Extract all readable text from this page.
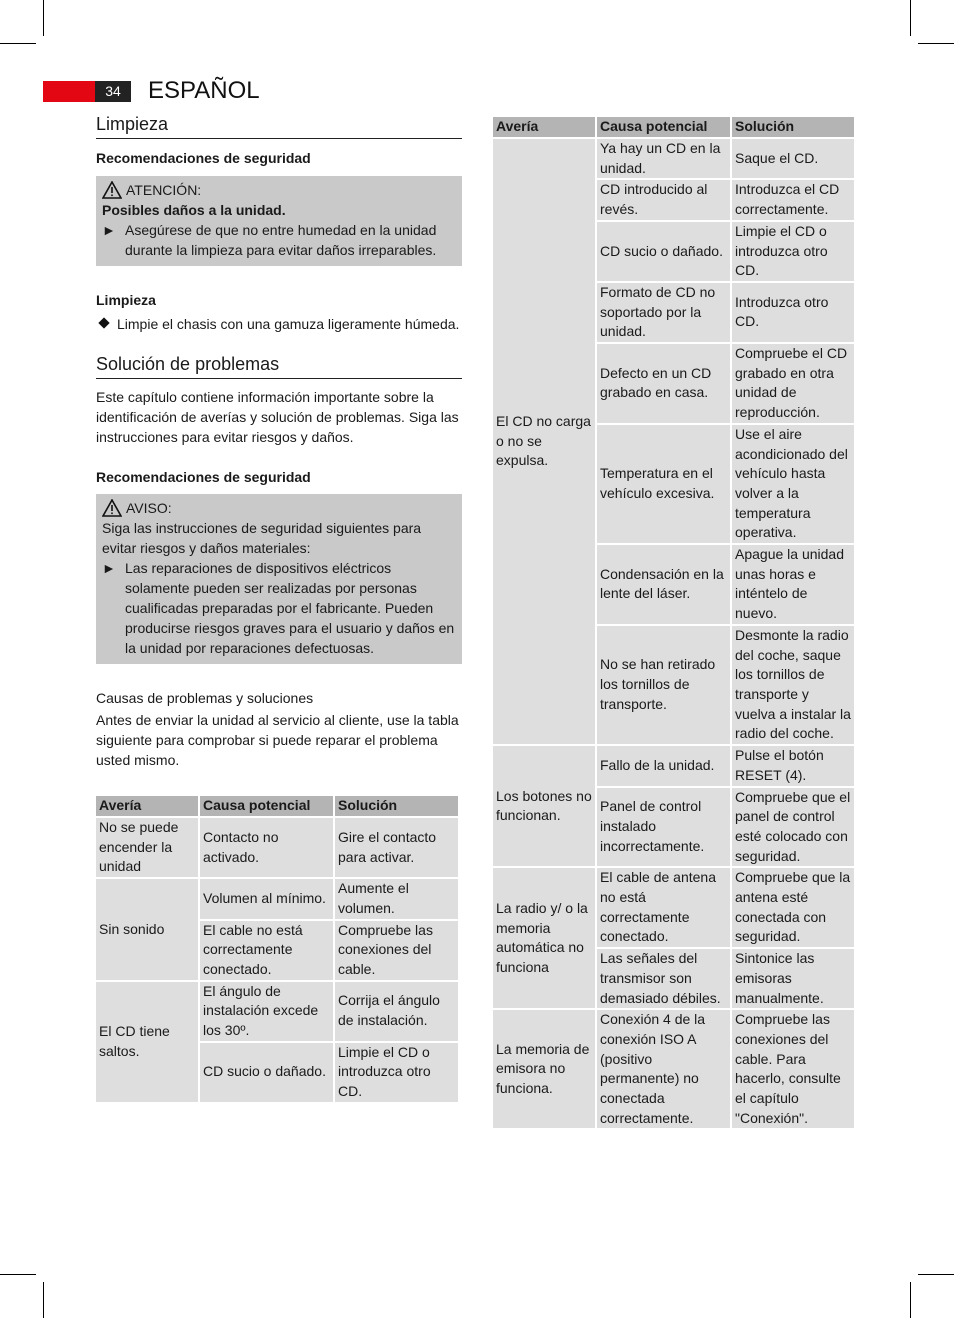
34	ESPAÑOL
Limpieza

Recomendaciones de seguridad

ATENCIÓN:

Posibles daños a la unidad.

► Asegúrese de que no entre humedad en la unidad durante la limpieza para evitar daños irreparables.

Limpieza

Limpie el chasis con una gamuza ligeramente húmeda.
Solución de problemas

Este capítulo contiene información importante sobre la identificación de averías y solución de problemas. Siga las instrucciones para evitar riesgos y daños.

Recomendaciones de seguridad

AVISO:

Siga las instrucciones de seguridad siguientes para evitar riesgos y daños materiales:

► Las reparaciones de dispositivos eléctricos solamente pueden ser realizadas por personas cualificadas preparadas por el fabricante. Pueden producirse riesgos graves para el usuario y daños en la unidad por reparaciones defectuosas.

Causas de problemas y soluciones

Antes de enviar la unidad al servicio al cliente, use la tabla siguiente para comprobar si puede reparar el problema usted mismo.

Avería	Causa potencial	Solución
No se puede encender la unidad	Contacto no activado.	Gire el contacto para activar.
Sin sonido	Volumen al mínimo.	Aumente el volumen.
	El cable no está correctamente conectado.	Compruebe las conexiones del cable.
El CD tiene saltos.	El ángulo de instalación excede los 30º.	Corrija el ángulo de instalación.
	CD sucio o dañado.	Limpie el CD o introduzca otro CD.
Avería	Causa potencial	Solución
El CD no carga o no se expulsa.	Ya hay un CD en la unidad.	Saque el CD.
	CD introducido al revés.	Introduzca el CD correctamente.
	CD sucio o dañado.	Limpie el CD o introduzca otro CD.
	Formato de CD no soportado por la unidad.	Introduzca otro CD.
	Defecto en un CD grabado en casa.	Compruebe el CD grabado en otra unidad de reproducción.
	Temperatura en el vehículo excesiva.	Use el aire acondicionado del vehículo hasta volver a la temperatura operativa.
	Condensación en la lente del láser.	Apague la unidad unas horas e inténtelo de nuevo.
	No se han retirado los tornillos de transporte.	Desmonte la radio del coche, saque los tornillos de transporte y vuelva a instalar la radio del coche.
Los botones no funcionan.	Fallo de la unidad.	Pulse el botón RESET (4).
	Panel de control instalado incorrectamente.	Compruebe que el panel de control esté colocado con seguridad.
La radio y/ o la memoria automática no funciona	El cable de antena no está correctamente conectado.	Compruebe que la antena esté conectada con seguridad.
	Las señales del transmisor son demasiado débiles.	Sintonice las emisoras manualmente.
La memoria de emisora no funciona.	Conexión 4 de la conexión ISO A (positivo permanente) no conectada correctamente.	Compruebe las conexiones del cable. Para hacerlo, consulte el capítulo "Conexión".
